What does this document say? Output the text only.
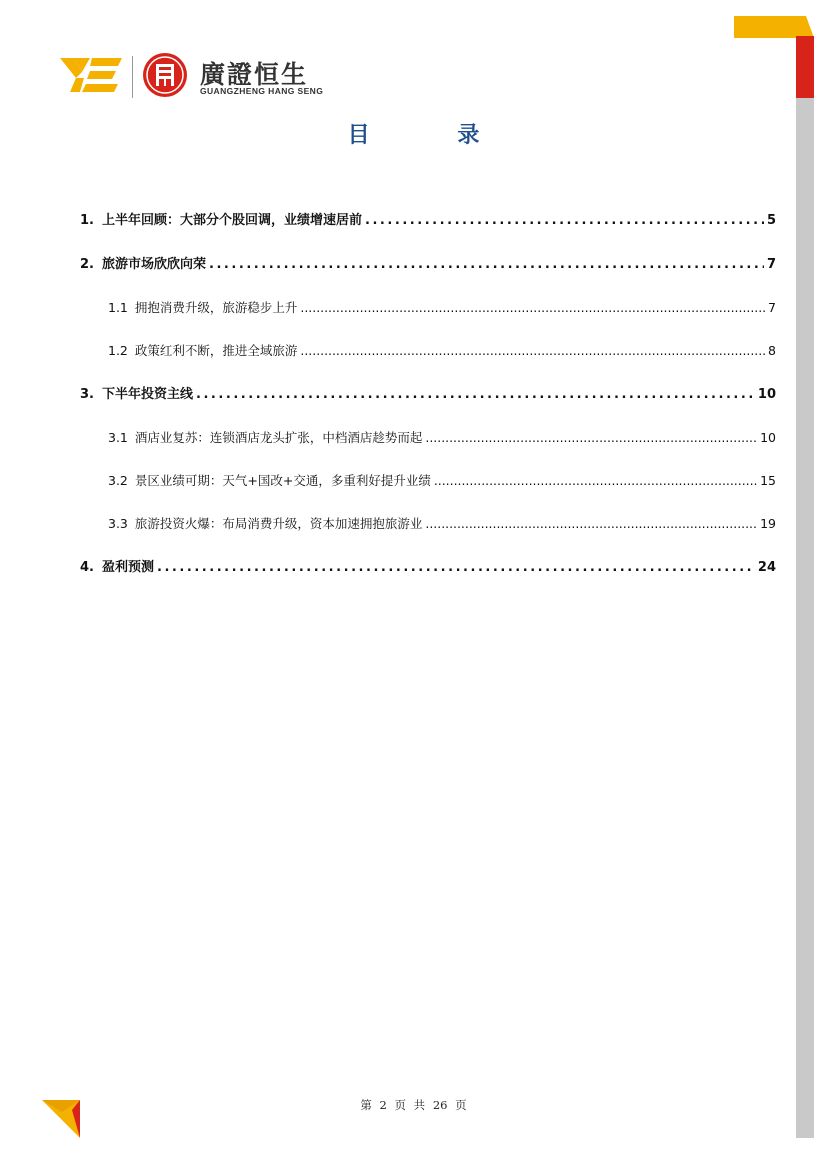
廣證恒生
GUANGZHENG HANG SENG
目 录
1. 上半年回顾：大部分个股回调，业绩增速居前 . . .	5
2. 旅游市场欣欣向荣 . . .	7
1.1 拥抱消费升级，旅游稳步上升 . . .	7
1.2 政策红利不断，推进全域旅游 . . .	8
3. 下半年投资主线 . . .	10
3.1 酒店业复苏：连锁酒店龙头扩张，中档酒店趁势而起 . . .	10
3.2 景区业绩可期：天气+国改+交通，多重利好提升业绩 . . .	15
3.3 旅游投资火爆：布局消费升级，资本加速拥抱旅游业 . . .	19
4. 盈利预测 . . .	24
第 2 页 共 26 页
